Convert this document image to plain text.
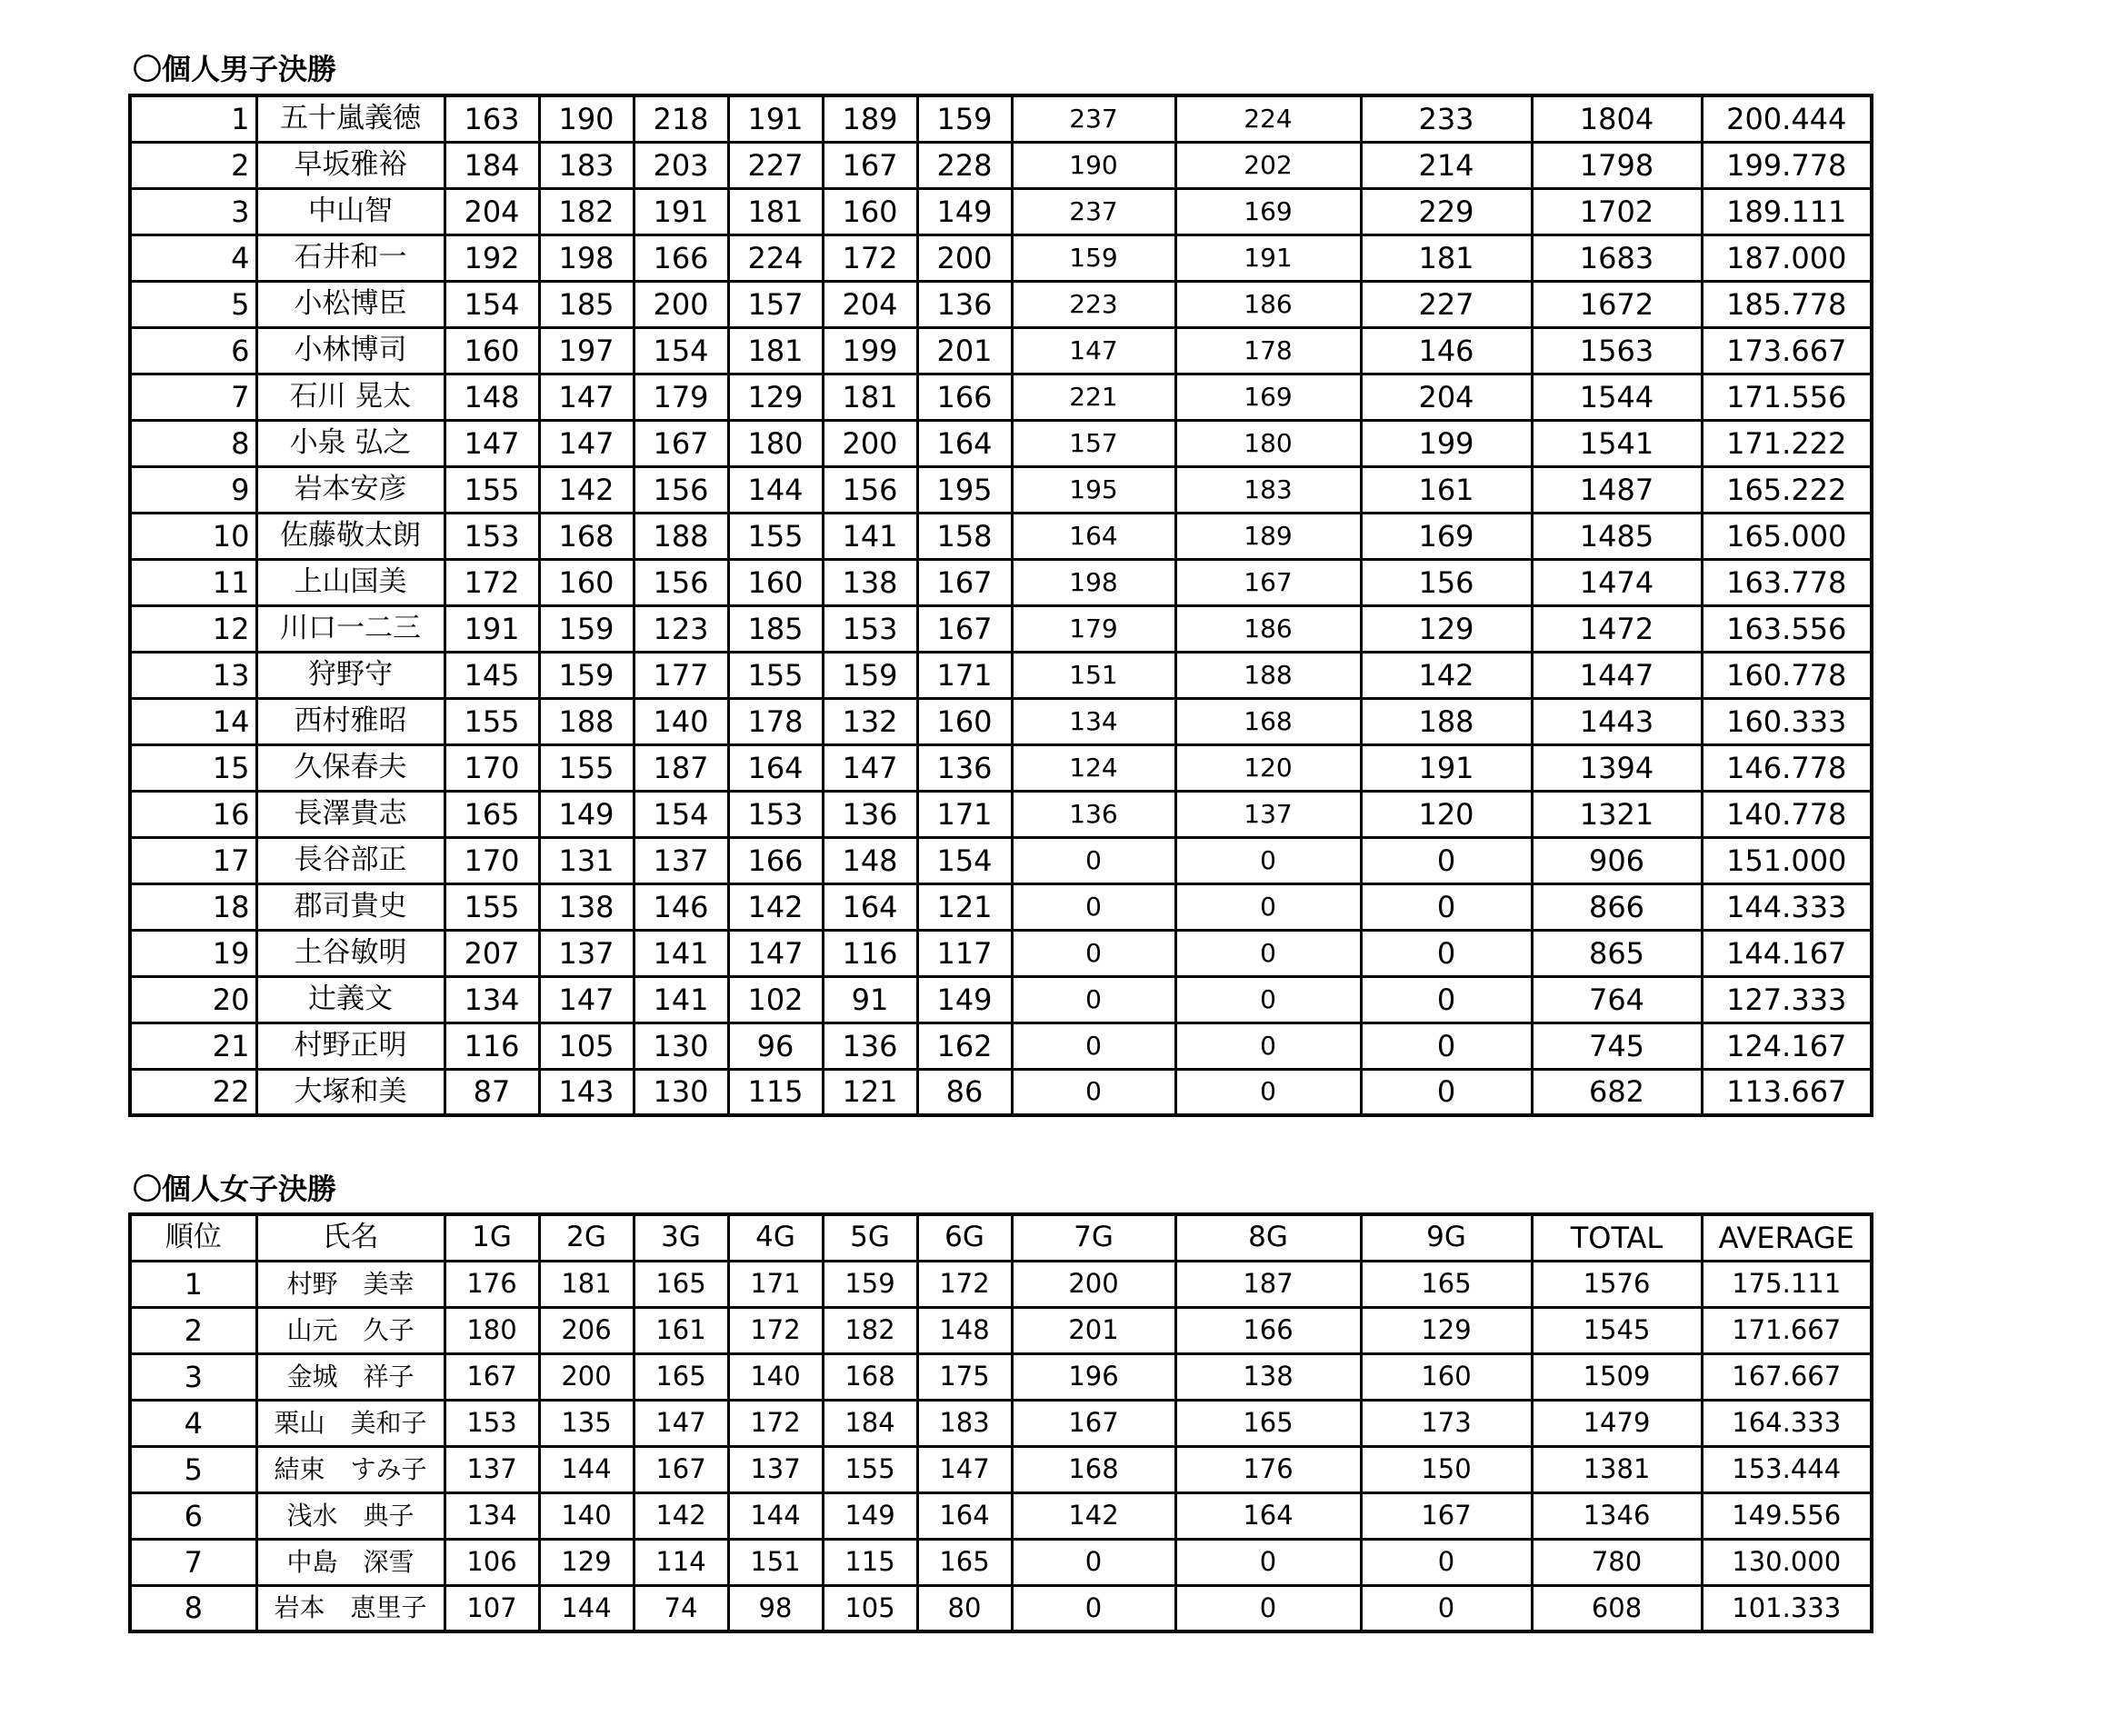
〇個人男子決勝
1	五十嵐義徳	163	190	218	191	189	159	237	224	233	1804	200.444
2	早坂雅裕	184	183	203	227	167	228	190	202	214	1798	199.778
3	中山智	204	182	191	181	160	149	237	169	229	1702	189.111
4	石井和一	192	198	166	224	172	200	159	191	181	1683	187.000
5	小松博臣	154	185	200	157	204	136	223	186	227	1672	185.778
6	小林博司	160	197	154	181	199	201	147	178	146	1563	173.667
7	石川 晃太	148	147	179	129	181	166	221	169	204	1544	171.556
8	小泉 弘之	147	147	167	180	200	164	157	180	199	1541	171.222
9	岩本安彦	155	142	156	144	156	195	195	183	161	1487	165.222
10	佐藤敬太朗	153	168	188	155	141	158	164	189	169	1485	165.000
11	上山国美	172	160	156	160	138	167	198	167	156	1474	163.778
12	川口一二三	191	159	123	185	153	167	179	186	129	1472	163.556
13	狩野守	145	159	177	155	159	171	151	188	142	1447	160.778
14	西村雅昭	155	188	140	178	132	160	134	168	188	1443	160.333
15	久保春夫	170	155	187	164	147	136	124	120	191	1394	146.778
16	長澤貴志	165	149	154	153	136	171	136	137	120	1321	140.778
17	長谷部正	170	131	137	166	148	154	0	0	0	906	151.000
18	郡司貴史	155	138	146	142	164	121	0	0	0	866	144.333
19	土谷敏明	207	137	141	147	116	117	0	0	0	865	144.167
20	辻義文	134	147	141	102	91	149	0	0	0	764	127.333
21	村野正明	116	105	130	96	136	162	0	0	0	745	124.167
22	大塚和美	87	143	130	115	121	86	0	0	0	682	113.667
〇個人女子決勝
順位	氏名	1G	2G	3G	4G	5G	6G	7G	8G	9G	TOTAL	AVERAGE
1	村野　美幸	176	181	165	171	159	172	200	187	165	1576	175.111
2	山元　久子	180	206	161	172	182	148	201	166	129	1545	171.667
3	金城　祥子	167	200	165	140	168	175	196	138	160	1509	167.667
4	栗山　美和子	153	135	147	172	184	183	167	165	173	1479	164.333
5	結束　すみ子	137	144	167	137	155	147	168	176	150	1381	153.444
6	浅水　典子	134	140	142	144	149	164	142	164	167	1346	149.556
7	中島　深雪	106	129	114	151	115	165	0	0	0	780	130.000
8	岩本　恵里子	107	144	74	98	105	80	0	0	0	608	101.333
